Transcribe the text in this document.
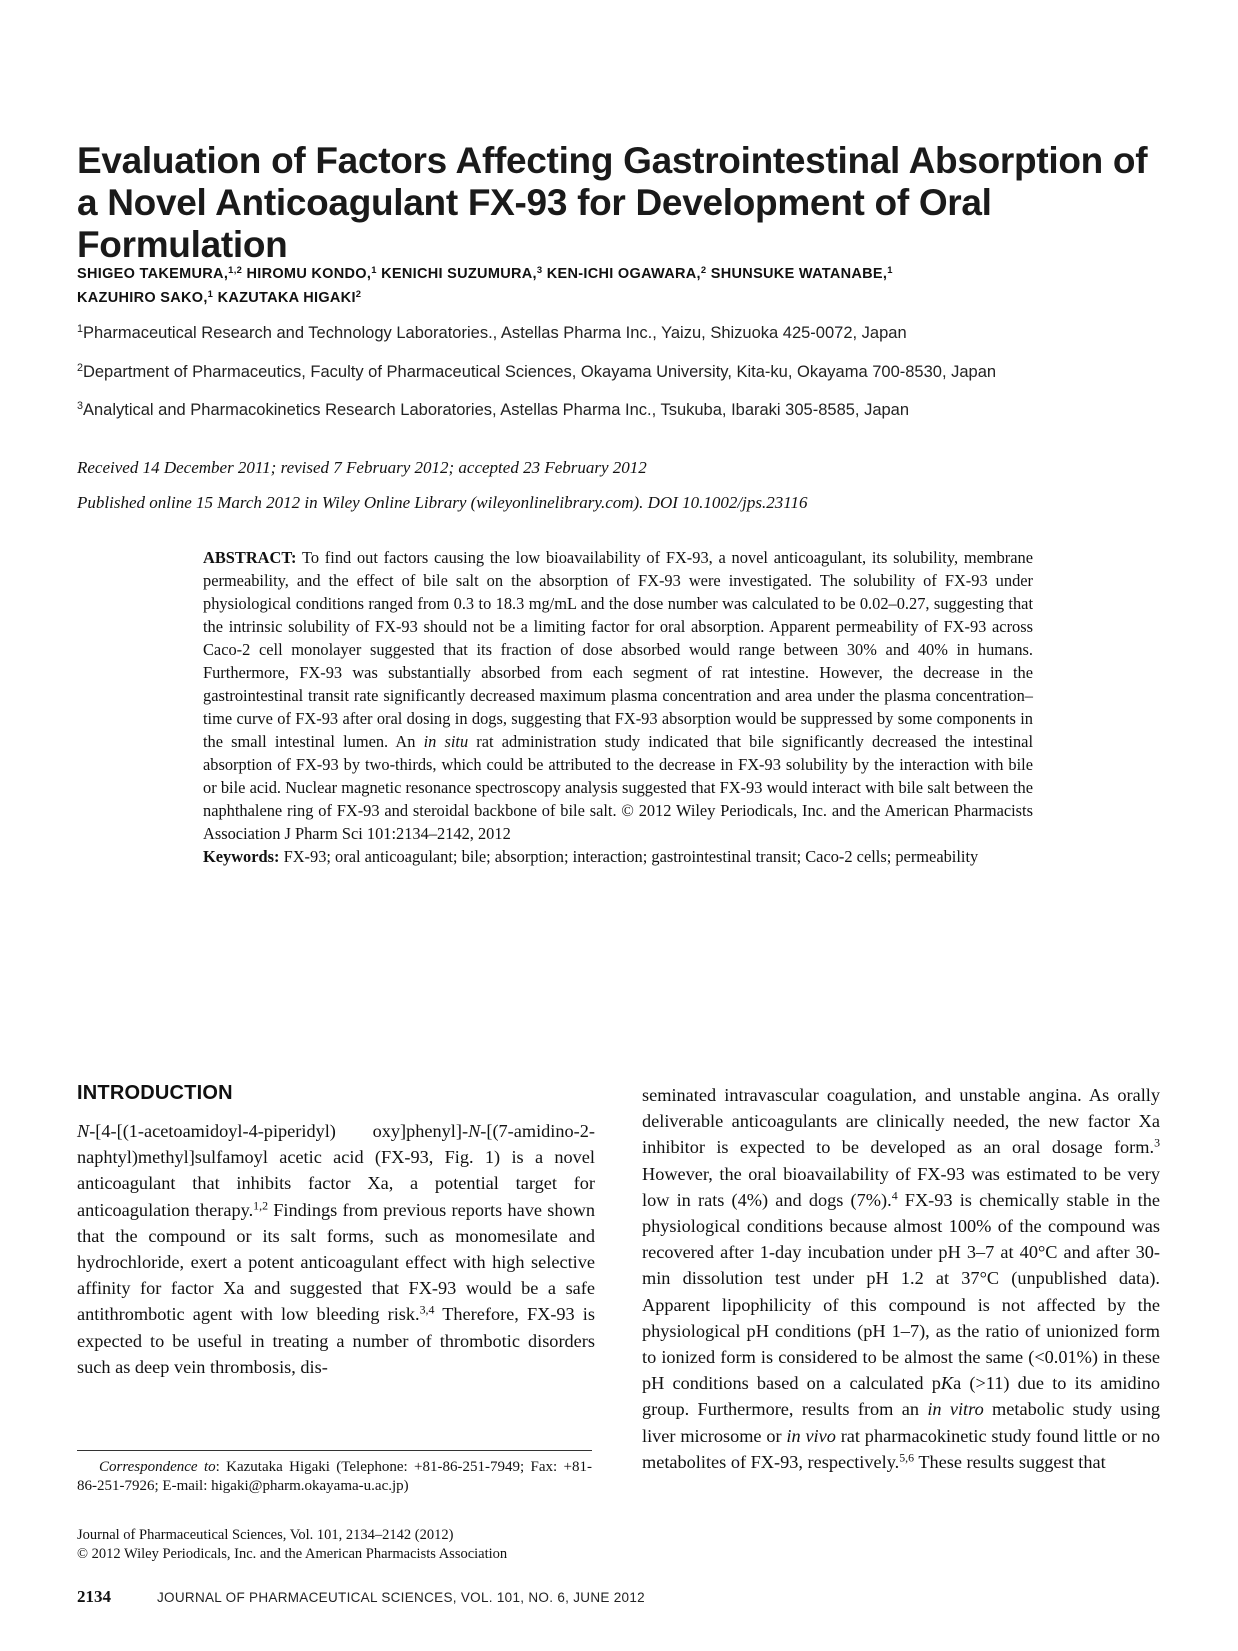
Evaluation of Factors Affecting Gastrointestinal Absorption of a Novel Anticoagulant FX-93 for Development of Oral Formulation
SHIGEO TAKEMURA,$^{1,2}$ HIROMU KONDO,$^1$ KENICHI SUZUMURA,$^3$ KEN-ICHI OGAWARA,$^2$ SHUNSUKE WATANABE,$^1$
KAZUHIRO SAKO,$^1$ KAZUTAKA HIGAKI$^2$
$^1$Pharmaceutical Research and Technology Laboratories., Astellas Pharma Inc., Yaizu, Shizuoka 425-0072, Japan
$^2$Department of Pharmaceutics, Faculty of Pharmaceutical Sciences, Okayama University, Kita-ku, Okayama 700-8530, Japan
$^3$Analytical and Pharmacokinetics Research Laboratories, Astellas Pharma Inc., Tsukuba, Ibaraki 305-8585, Japan
Received 14 December 2011; revised 7 February 2012; accepted 23 February 2012
Published online 15 March 2012 in Wiley Online Library (wileyonlinelibrary.com). DOI 10.1002/jps.23116
ABSTRACT: To find out factors causing the low bioavailability of FX-93, a novel anticoagulant, its solubility, membrane permeability, and the effect of bile salt on the absorption of FX-93 were investigated. The solubility of FX-93 under physiological conditions ranged from 0.3 to 18.3 mg/mL and the dose number was calculated to be 0.02–0.27, suggesting that the intrinsic solubility of FX-93 should not be a limiting factor for oral absorption. Apparent permeability of FX-93 across Caco-2 cell monolayer suggested that its fraction of dose absorbed would range between 30% and 40% in humans. Furthermore, FX-93 was substantially absorbed from each segment of rat intestine. However, the decrease in the gastrointestinal transit rate significantly decreased maximum plasma concentration and area under the plasma concentration–time curve of FX-93 after oral dosing in dogs, suggesting that FX-93 absorption would be suppressed by some components in the small intestinal lumen. An in situ rat administration study indicated that bile significantly decreased the intestinal absorption of FX-93 by two-thirds, which could be attributed to the decrease in FX-93 solubility by the interaction with bile or bile acid. Nuclear magnetic resonance spectroscopy analysis suggested that FX-93 would interact with bile salt between the naphthalene ring of FX-93 and steroidal backbone of bile salt. © 2012 Wiley Periodicals, Inc. and the American Pharmacists Association J Pharm Sci 101:2134–2142, 2012
Keywords: FX-93; oral anticoagulant; bile; absorption; interaction; gastrointestinal transit; Caco-2 cells; permeability
INTRODUCTION
N-[4-[(1-acetoamidoyl-4-piperidyl) oxy]phenyl]-N-[(7-amidino-2-naphtyl)methyl]sulfamoyl acetic acid (FX-93, Fig. 1) is a novel anticoagulant that inhibits factor Xa, a potential target for anticoagulation therapy.$^{1,2}$ Findings from previous reports have shown that the compound or its salt forms, such as monomesilate and hydrochloride, exert a potent anticoagulant effect with high selective affinity for factor Xa and suggested that FX-93 would be a safe antithrombotic agent with low bleeding risk.$^{3,4}$ Therefore, FX-93 is expected to be useful in treating a number of thrombotic disorders such as deep vein thrombosis, dis-
seminated intravascular coagulation, and unstable angina. As orally deliverable anticoagulants are clinically needed, the new factor Xa inhibitor is expected to be developed as an oral dosage form.$^3$ However, the oral bioavailability of FX-93 was estimated to be very low in rats (4%) and dogs (7%).$^4$ FX-93 is chemically stable in the physiological conditions because almost 100% of the compound was recovered after 1-day incubation under pH 3–7 at 40°C and after 30-min dissolution test under pH 1.2 at 37°C (unpublished data). Apparent lipophilicity of this compound is not affected by the physiological pH conditions (pH 1–7), as the ratio of unionized form to ionized form is considered to be almost the same (<0.01%) in these pH conditions based on a calculated pKa (>11) due to its amidino group. Furthermore, results from an in vitro metabolic study using liver microsome or in vivo rat pharmacokinetic study found little or no metabolites of FX-93, respectively.$^{5,6}$ These results suggest that
Correspondence to: Kazutaka Higaki (Telephone: +81-86-251-7949; Fax: +81-86-251-7926; E-mail: higaki@pharm.okayama-u.ac.jp)
Journal of Pharmaceutical Sciences, Vol. 101, 2134–2142 (2012)
© 2012 Wiley Periodicals, Inc. and the American Pharmacists Association
2134	JOURNAL OF PHARMACEUTICAL SCIENCES, VOL. 101, NO. 6, JUNE 2012
